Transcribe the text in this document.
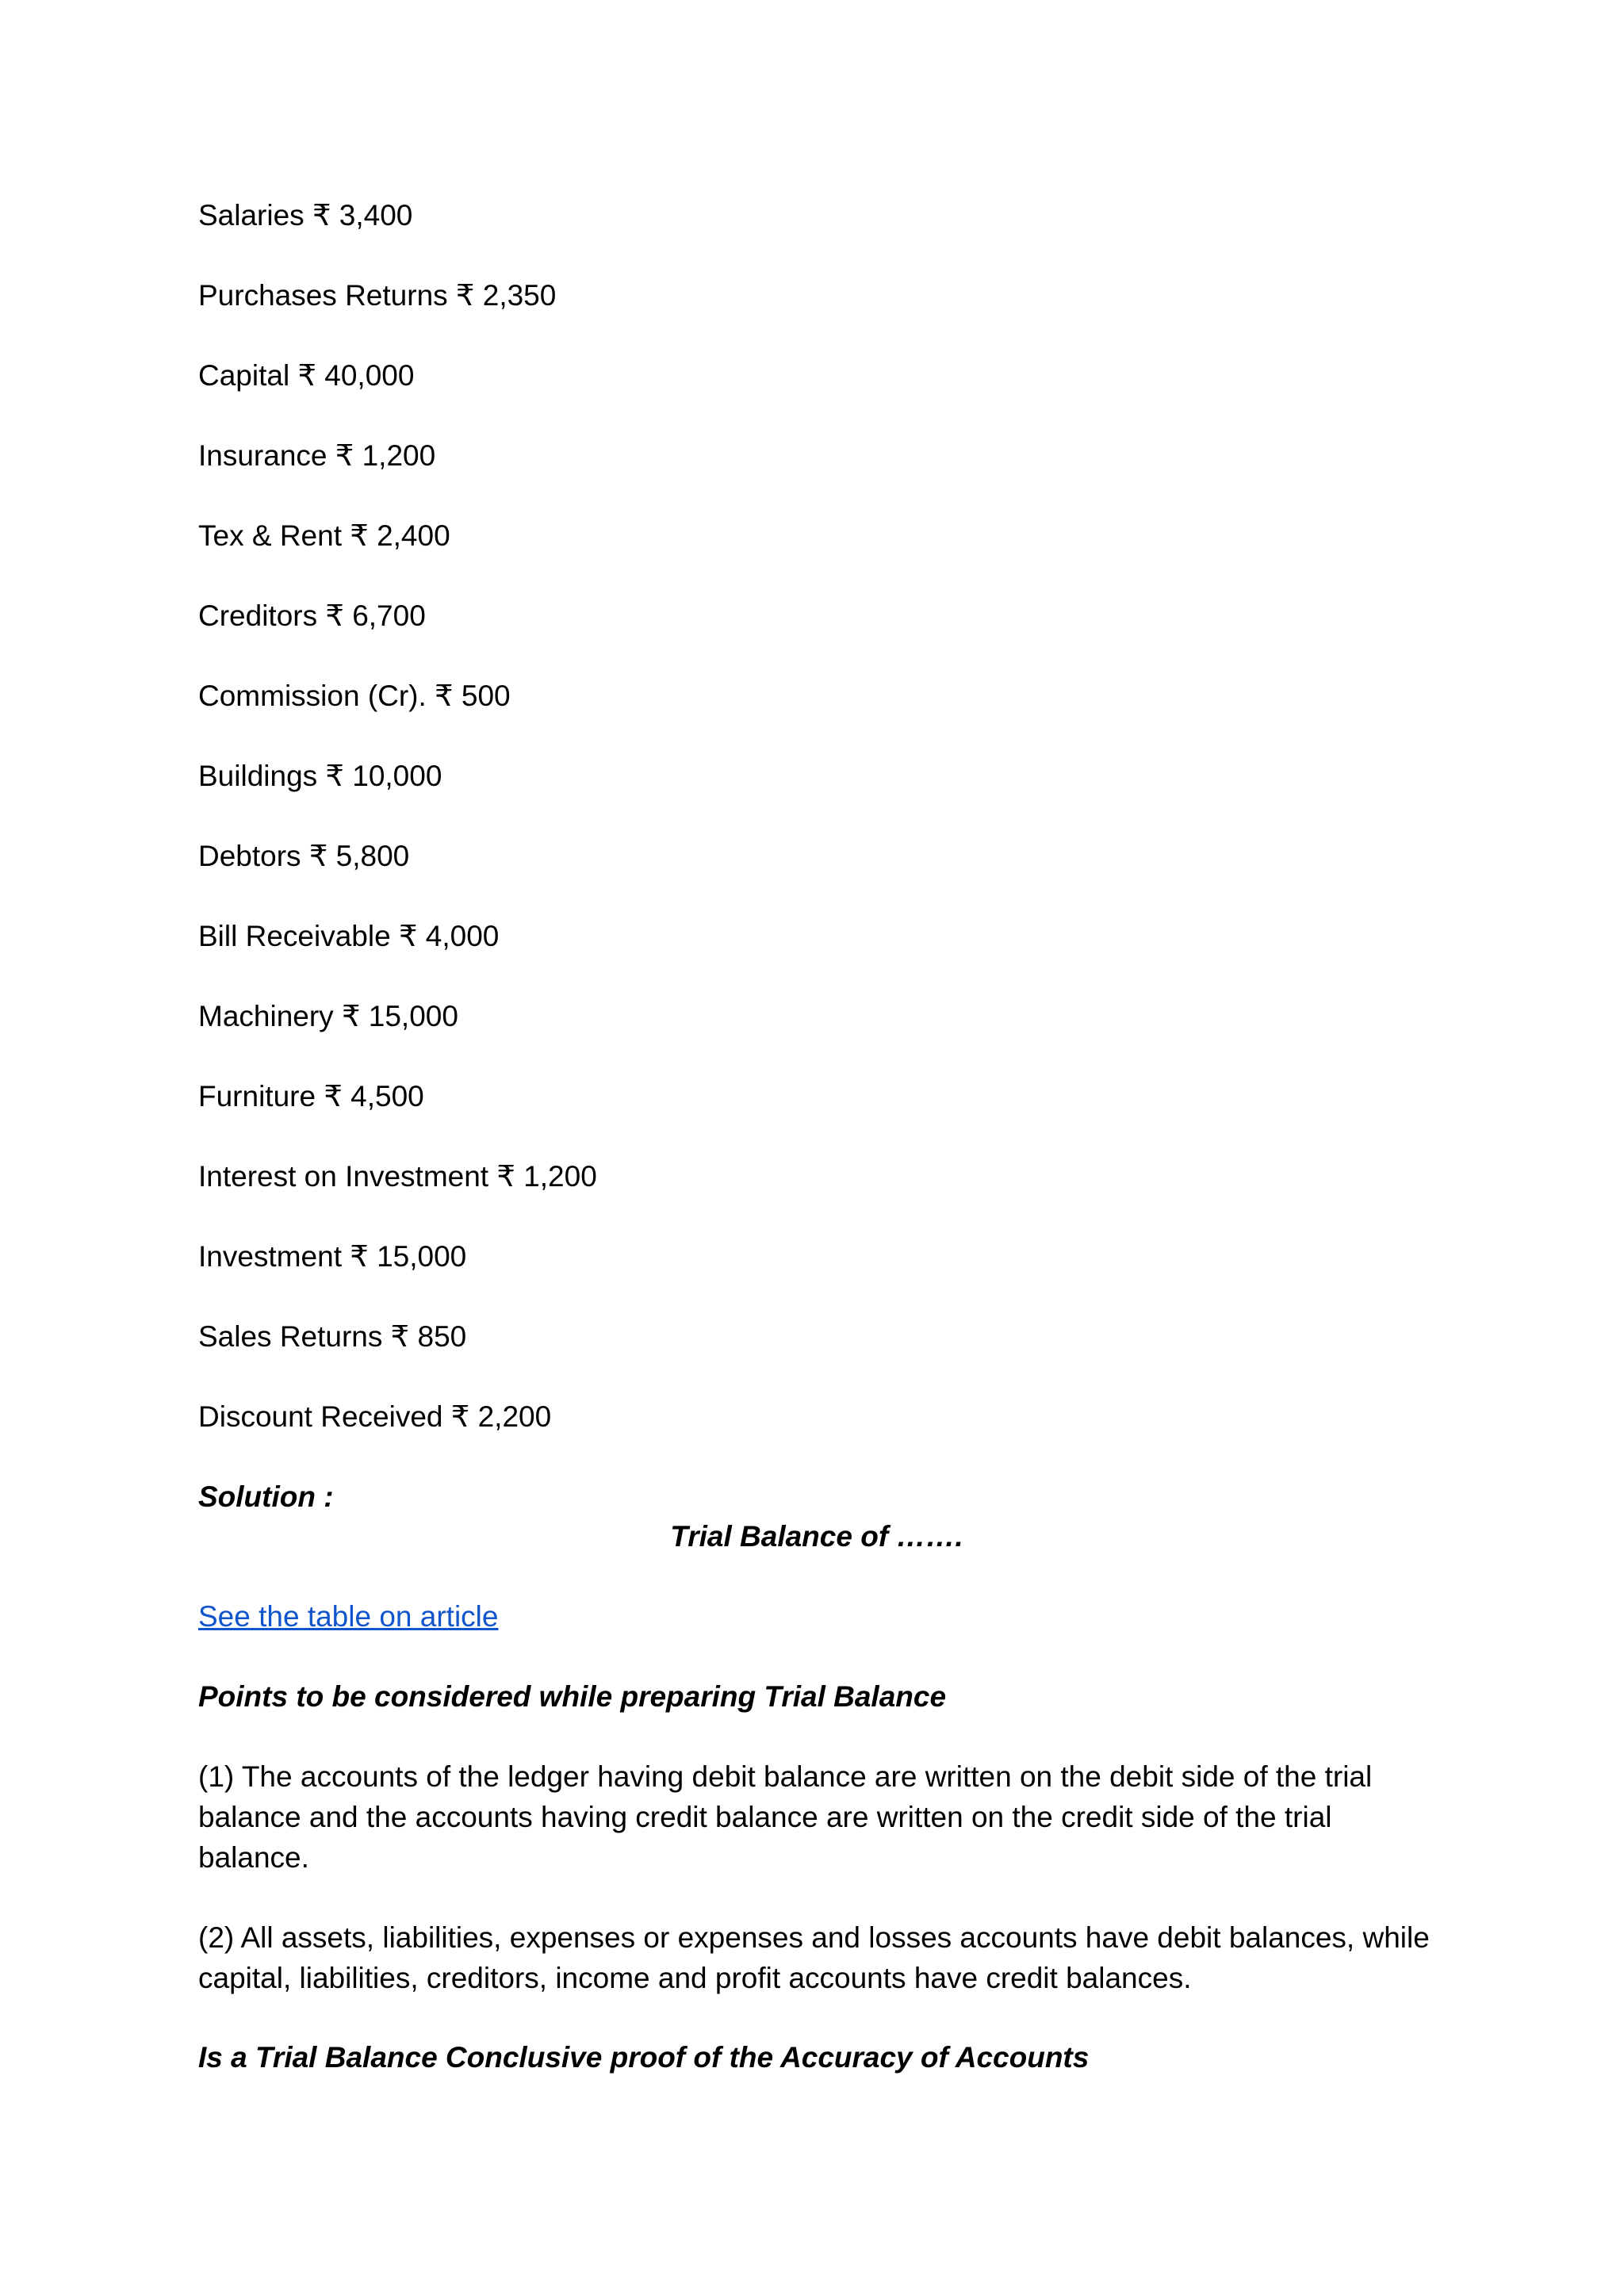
Salaries ₹ 3,400
Purchases Returns ₹ 2,350
Capital ₹ 40,000
Insurance ₹ 1,200
Tex & Rent ₹ 2,400
Creditors ₹ 6,700
Commission (Cr). ₹ 500
Buildings ₹ 10,000
Debtors ₹ 5,800
Bill Receivable ₹ 4,000
Machinery ₹ 15,000
Furniture ₹ 4,500
Interest on Investment ₹ 1,200
Investment ₹ 15,000
Sales Returns ₹ 850
Discount Received ₹ 2,200
Solution :
Trial Balance of …….
See the table on article
Points to be considered while preparing Trial Balance
(1) The accounts of the ledger having debit balance are written on the debit side of the trial balance and the accounts having credit balance are written on the credit side of the trial balance.
(2) All assets, liabilities, expenses or expenses and losses accounts have debit balances, while capital, liabilities, creditors, income and profit accounts have credit balances.
Is a Trial Balance Conclusive proof of the Accuracy of Accounts
